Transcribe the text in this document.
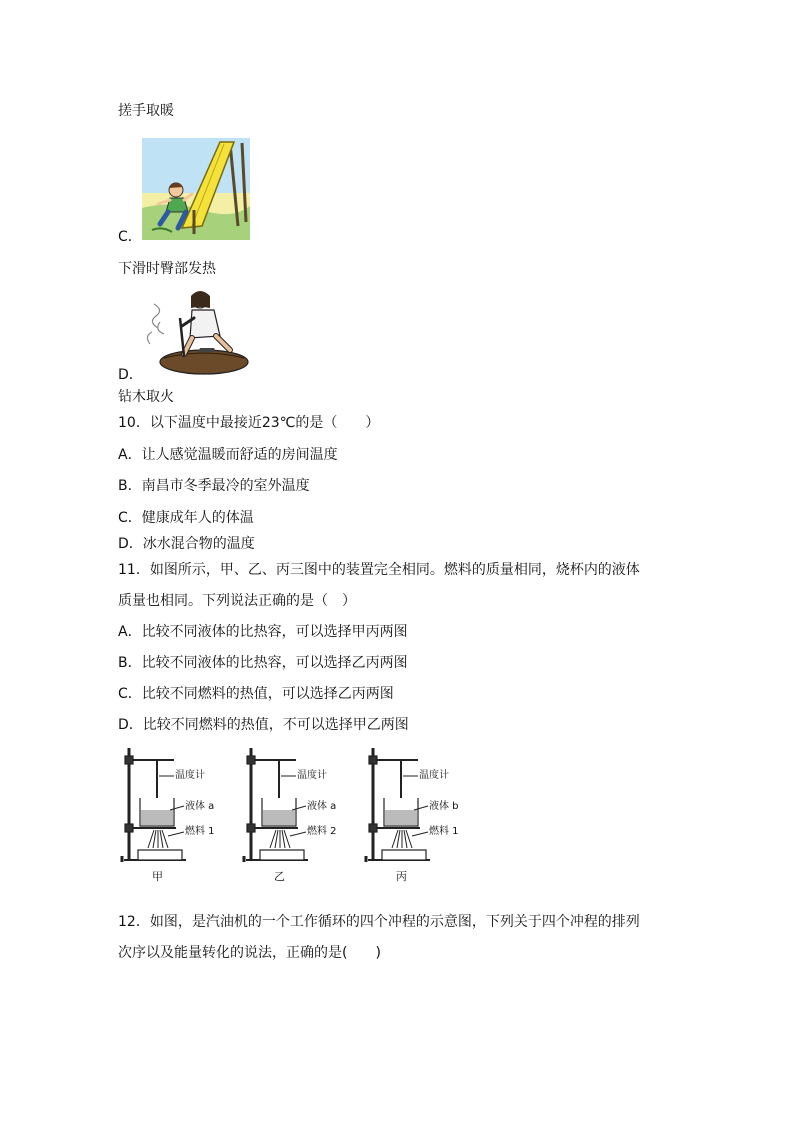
搓手取暖
C．
下滑时臀部发热
D．
钻木取火
10．以下温度中最接近23℃的是（　　）
A．让人感觉温暖而舒适的房间温度
B．南昌市冬季最冷的室外温度
C．健康成年人的体温
D．冰水混合物的温度
11．如图所示，甲、乙、丙三图中的装置完全相同。燃料的质量相同，烧杯内的液体
质量也相同。下列说法正确的是（　）
A．比较不同液体的比热容，可以选择甲丙两图
B．比较不同液体的比热容，可以选择乙丙两图
C．比较不同燃料的热值，可以选择乙丙两图
D．比较不同燃料的热值，不可以选择甲乙两图
温度计
液体 a
燃料 1
甲
温度计
液体 a
燃料 2
乙
温度计
液体 b
燃料 1
丙
12．如图，是汽油机的一个工作循环的四个冲程的示意图，下列关于四个冲程的排列
次序以及能量转化的说法，正确的是(　　)
